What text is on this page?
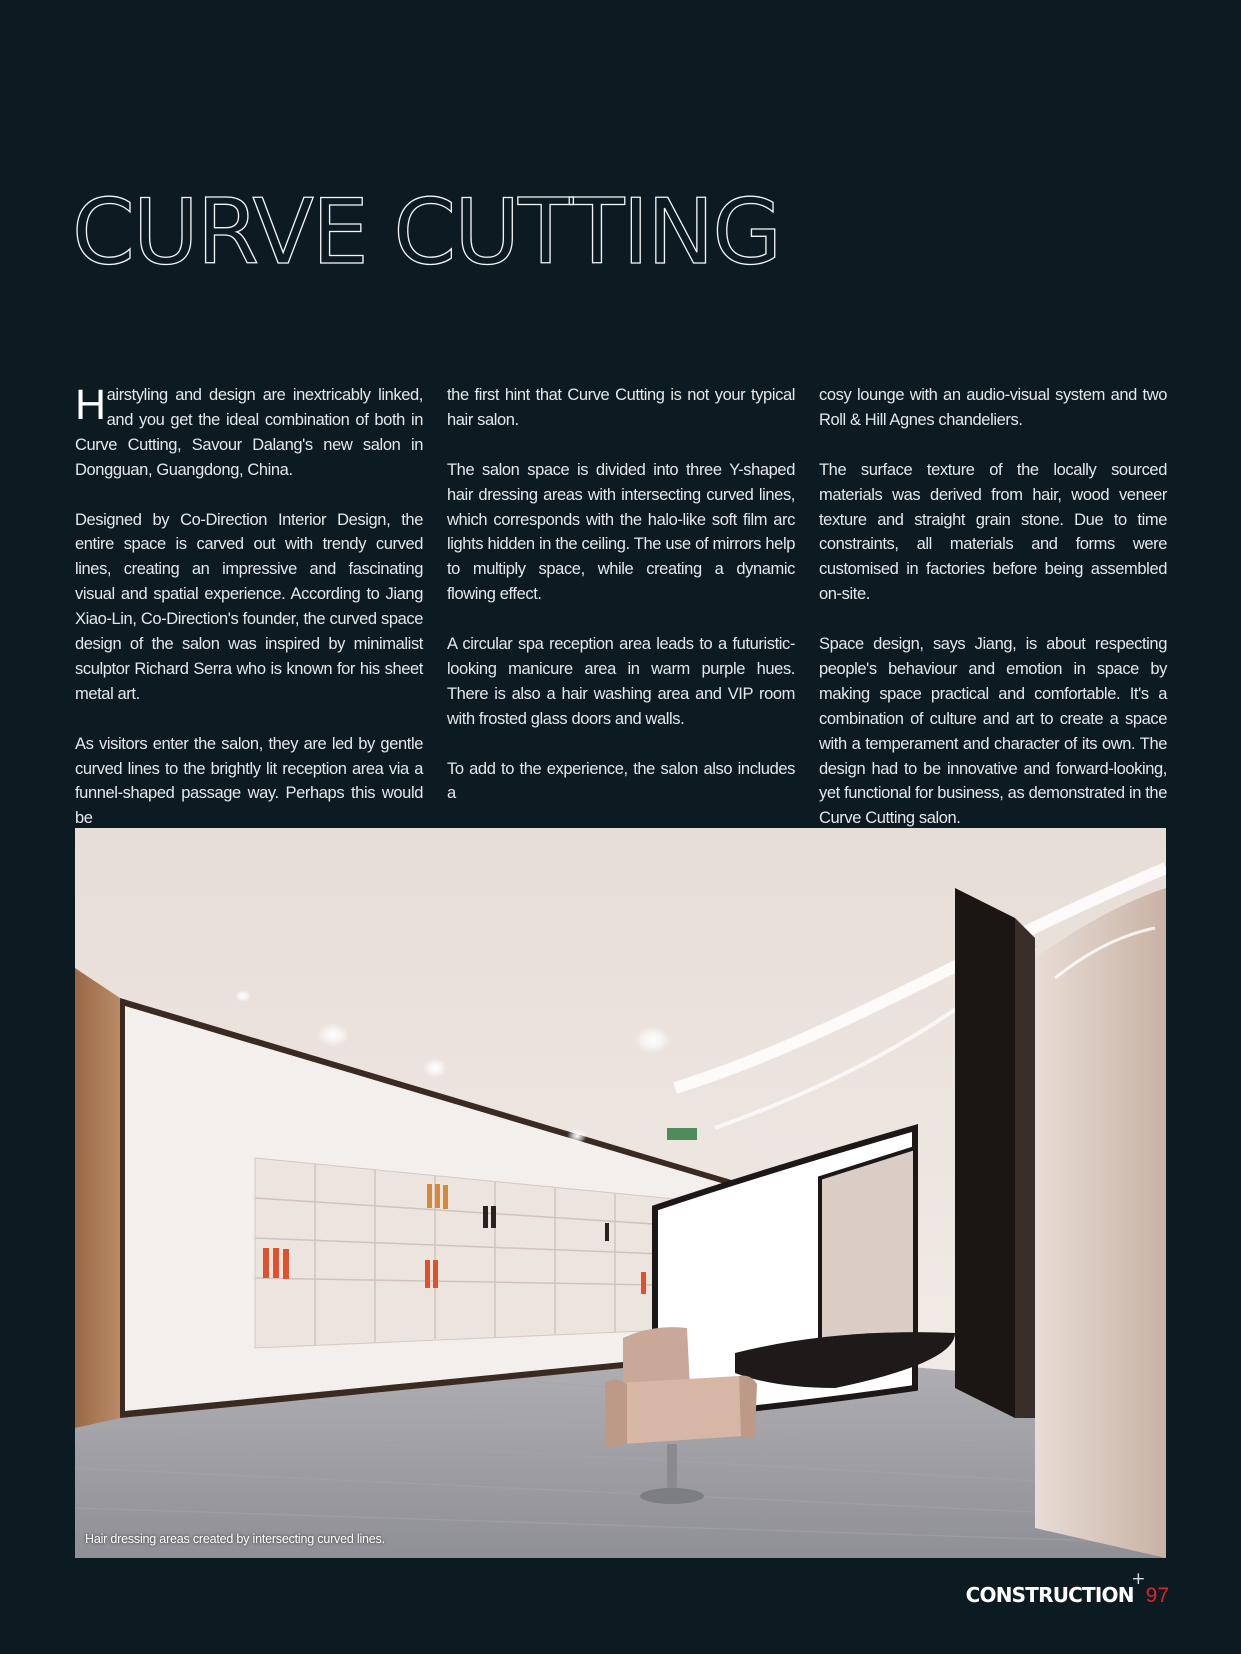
CURVE CUTTING

Hairstyling and design are inextricably linked, and you get the ideal combination of both in Curve Cutting, Savour Dalang's new salon in Dongguan, Guangdong, China.

Designed by Co-Direction Interior Design, the entire space is carved out with trendy curved lines, creating an impressive and fascinating visual and spatial experience. According to Jiang Xiao-Lin, Co-Direction's founder, the curved space design of the salon was inspired by minimalist sculptor Richard Serra who is known for his sheet metal art.

As visitors enter the salon, they are led by gentle curved lines to the brightly lit reception area via a funnel-shaped passage way. Perhaps this would be

the first hint that Curve Cutting is not your typical hair salon.

The salon space is divided into three Y-shaped hair dressing areas with intersecting curved lines, which corresponds with the halo-like soft film arc lights hidden in the ceiling. The use of mirrors help to multiply space, while creating a dynamic flowing effect.

A circular spa reception area leads to a futuristic-looking manicure area in warm purple hues. There is also a hair washing area and VIP room with frosted glass doors and walls.

To add to the experience, the salon also includes a

cosy lounge with an audio-visual system and two Roll & Hill Agnes chandeliers.

The surface texture of the locally sourced materials was derived from hair, wood veneer texture and straight grain stone. Due to time constraints, all materials and forms were customised in factories before being assembled on-site.

Space design, says Jiang, is about respecting people's behaviour and emotion in space by making space practical and comfortable. It's a combination of culture and art to create a space with a temperament and character of its own. The design had to be innovative and forward-looking, yet functional for business, as demonstrated in the Curve Cutting salon.

Hair dressing areas created by intersecting curved lines.
CONSTRUCTION
+
97
